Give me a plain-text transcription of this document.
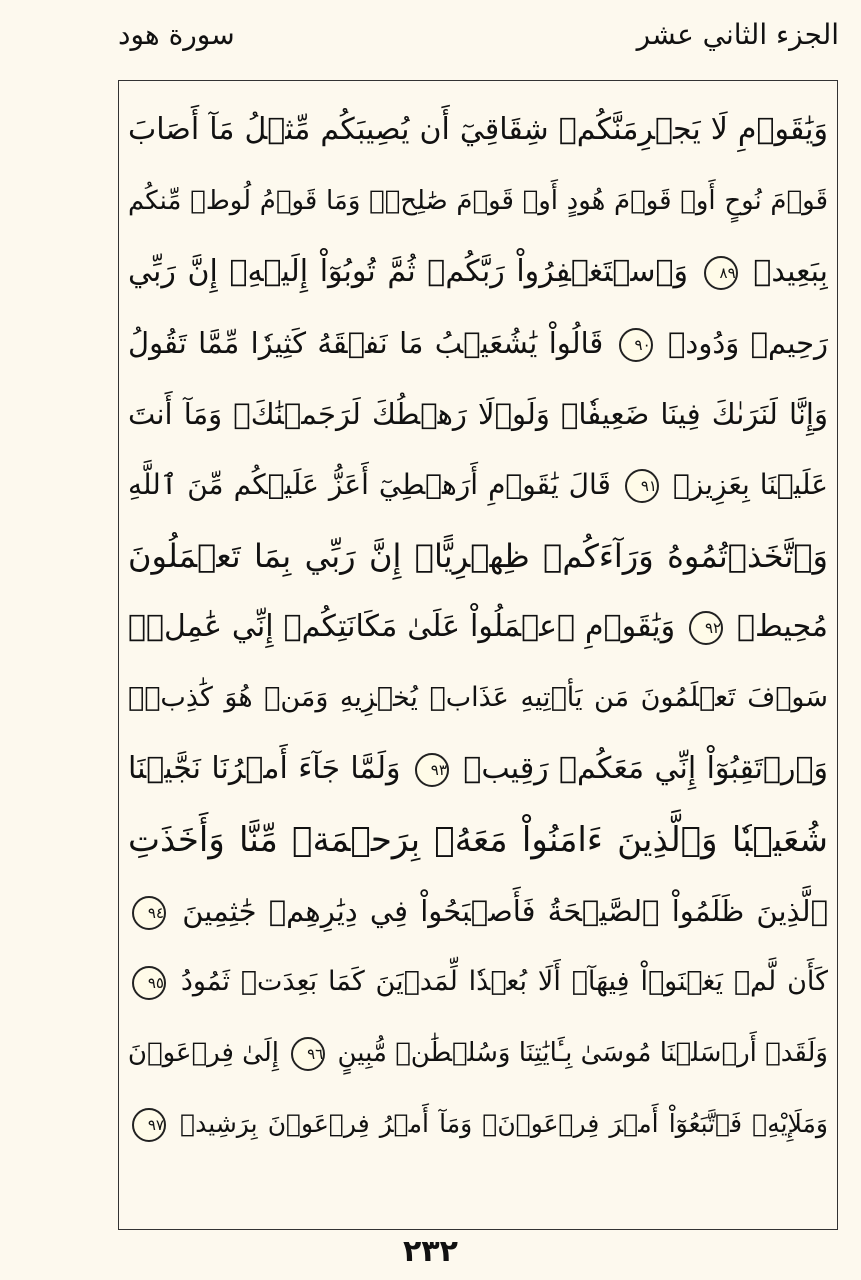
الجزء الثاني عشر
سورة هود
وَيَٰقَوۡمِ لَا يَجۡرِمَنَّكُمۡ شِقَاقِيٓ أَن يُصِيبَكُم مِّثۡلُ مَآ أَصَابَ
قَوۡمَ نُوحٍ أَوۡ قَوۡمَ هُودٍ أَوۡ قَوۡمَ صَٰلِحٖۚ وَمَا قَوۡمُ لُوطٖ مِّنكُم
بِبَعِيدٖ ٨٩ وَٱسۡتَغۡفِرُواْ رَبَّكُمۡ ثُمَّ تُوبُوٓاْ إِلَيۡهِۚ إِنَّ رَبِّي
رَحِيمٞ وَدُودٞ ٩٠ قَالُواْ يَٰشُعَيۡبُ مَا نَفۡقَهُ كَثِيرٗا مِّمَّا تَقُولُ
وَإِنَّا لَنَرَىٰكَ فِينَا ضَعِيفٗاۖ وَلَوۡلَا رَهۡطُكَ لَرَجَمۡنَٰكَۖ وَمَآ أَنتَ
عَلَيۡنَا بِعَزِيزٖ ٩١ قَالَ يَٰقَوۡمِ أَرَهۡطِيٓ أَعَزُّ عَلَيۡكُم مِّنَ ٱللَّهِ
وَٱتَّخَذۡتُمُوهُ وَرَآءَكُمۡ ظِهۡرِيًّاۖ إِنَّ رَبِّي بِمَا تَعۡمَلُونَ
مُحِيطٞ ٩٢ وَيَٰقَوۡمِ ٱعۡمَلُواْ عَلَىٰ مَكَانَتِكُمۡ إِنِّي عَٰمِلٞۖ
سَوۡفَ تَعۡلَمُونَ مَن يَأۡتِيهِ عَذَابٞ يُخۡزِيهِ وَمَنۡ هُوَ كَٰذِبٞۖ
وَٱرۡتَقِبُوٓاْ إِنِّي مَعَكُمۡ رَقِيبٞ ٩٣ وَلَمَّا جَآءَ أَمۡرُنَا نَجَّيۡنَا
شُعَيۡبٗا وَٱلَّذِينَ ءَامَنُواْ مَعَهُۥ بِرَحۡمَةٖ مِّنَّا وَأَخَذَتِ
ٱلَّذِينَ ظَلَمُواْ ٱلصَّيۡحَةُ فَأَصۡبَحُواْ فِي دِيَٰرِهِمۡ جَٰثِمِينَ ٩٤
كَأَن لَّمۡ يَغۡنَوۡاْ فِيهَآۗ أَلَا بُعۡدٗا لِّمَدۡيَنَ كَمَا بَعِدَتۡ ثَمُودُ ٩٥
وَلَقَدۡ أَرۡسَلۡنَا مُوسَىٰ بِـَٔايَٰتِنَا وَسُلۡطَٰنٖ مُّبِينٍ ٩٦ إِلَىٰ فِرۡعَوۡنَ
وَمَلَإِيْهِۦ فَٱتَّبَعُوٓاْ أَمۡرَ فِرۡعَوۡنَۖ وَمَآ أَمۡرُ فِرۡعَوۡنَ بِرَشِيدٖ ٩٧
٢٣٢
